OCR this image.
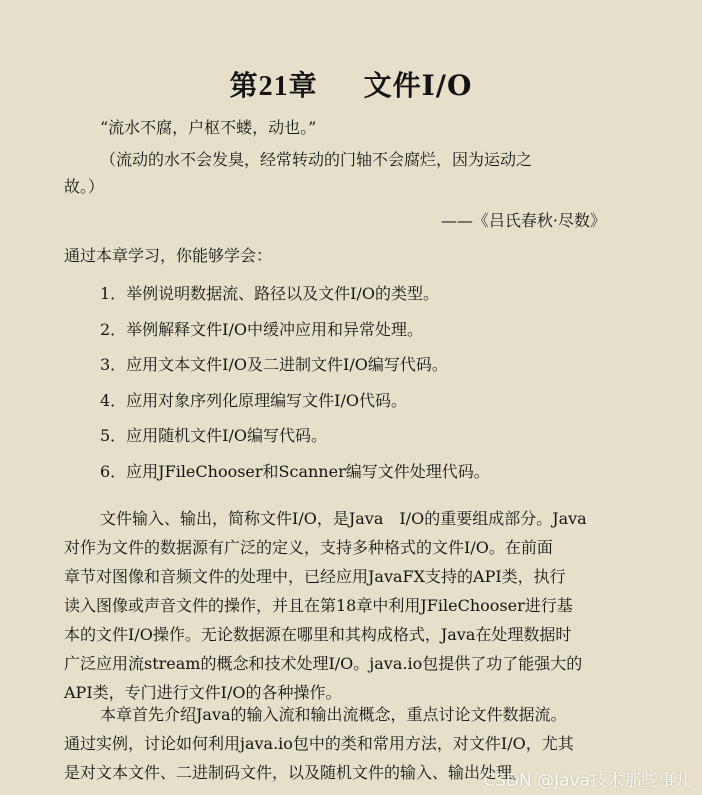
第21章 文件I/O
“流水不腐，户枢不蝼，动也。”
（流动的水不会发臭，经常转动的门轴不会腐烂，因为运动之
故。）
——《吕氏春秋·尽数》
通过本章学习，你能够学会：
1．举例说明数据流、路径以及文件I/O的类型。
2．举例解释文件I/O中缓冲应用和异常处理。
3．应用文本文件I/O及二进制文件I/O编写代码。
4．应用对象序列化原理编写文件I/O代码。
5．应用随机文件I/O编写代码。
6．应用JFileChooser和Scanner编写文件处理代码。
文件输入、输出，简称文件I/O，是Java　I/O的重要组成部分。Java
对作为文件的数据源有广泛的定义，支持多种格式的文件I/O。在前面
章节对图像和音频文件的处理中，已经应用JavaFX支持的API类，执行
读入图像或声音文件的操作，并且在第18章中利用JFileChooser进行基
本的文件I/O操作。无论数据源在哪里和其构成格式，Java在处理数据时
广泛应用流stream的概念和技术处理I/O。java.io包提供了功了能强大的
API类，专门进行文件I/O的各种操作。
本章首先介绍Java的输入流和输出流概念，重点讨论文件数据流。
通过实例，讨论如何利用java.io包中的类和常用方法，对文件I/O，尤其
是对文本文件、二进制码文件，以及随机文件的输入、输出处理。
CSDN @Java技术那些事儿
